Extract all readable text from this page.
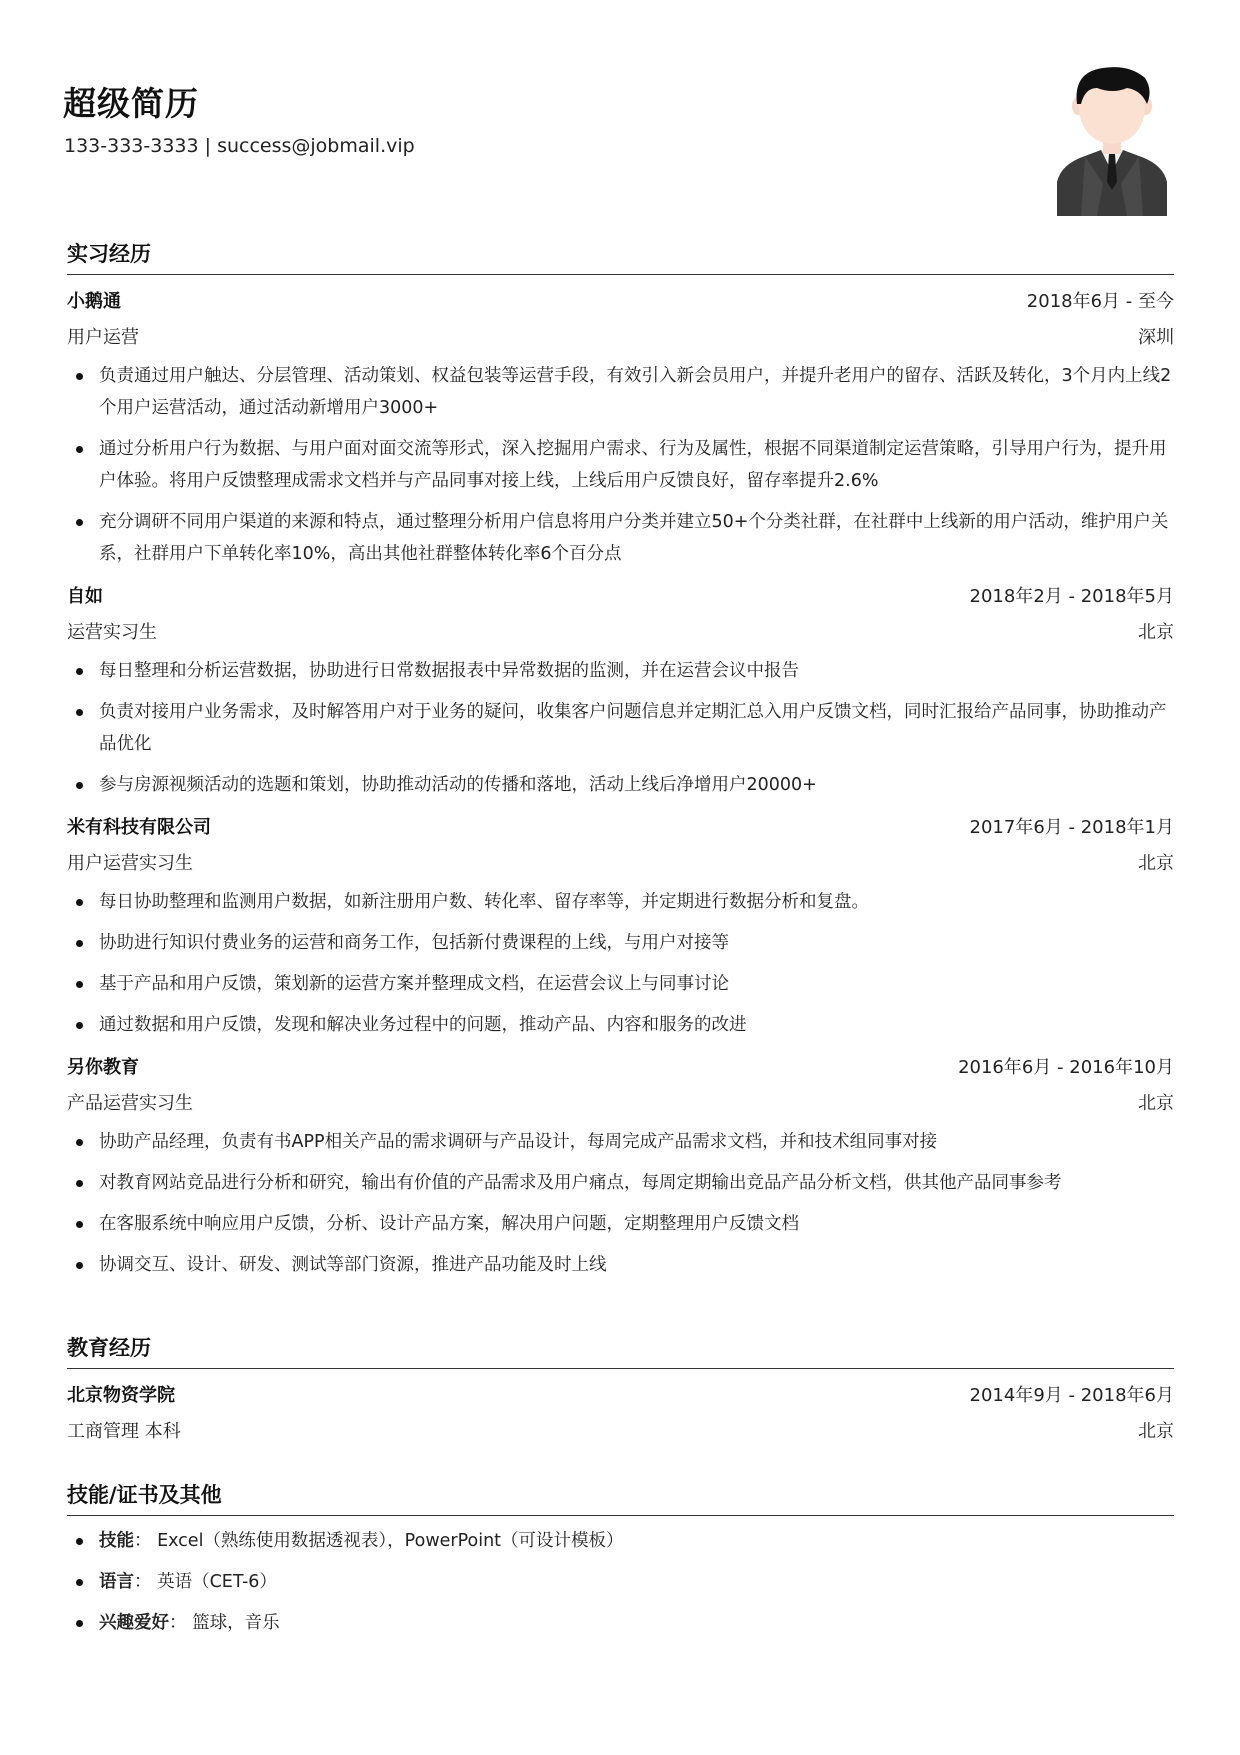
超级简历
133-333-3333 | success@jobmail.vip
实习经历
小鹅通	2018年6月 - 至今
用户运营	深圳
负责通过用户触达、分层管理、活动策划、权益包装等运营手段，有效引入新会员用户，并提升老用户的留存、活跃及转化，3个月内上线2个用户运营活动，通过活动新增用户3000+
通过分析用户行为数据、与用户面对面交流等形式，深入挖掘用户需求、行为及属性，根据不同渠道制定运营策略，引导用户行为，提升用户体验。将用户反馈整理成需求文档并与产品同事对接上线，上线后用户反馈良好，留存率提升2.6%
充分调研不同用户渠道的来源和特点，通过整理分析用户信息将用户分类并建立50+个分类社群，在社群中上线新的用户活动，维护用户关系，社群用户下单转化率10%，高出其他社群整体转化率6个百分点
自如	2018年2月 - 2018年5月
运营实习生	北京
每日整理和分析运营数据，协助进行日常数据报表中异常数据的监测，并在运营会议中报告
负责对接用户业务需求，及时解答用户对于业务的疑问，收集客户问题信息并定期汇总入用户反馈文档，同时汇报给产品同事，协助推动产品优化
参与房源视频活动的选题和策划，协助推动活动的传播和落地，活动上线后净增用户20000+
米有科技有限公司	2017年6月 - 2018年1月
用户运营实习生	北京
每日协助整理和监测用户数据，如新注册用户数、转化率、留存率等，并定期进行数据分析和复盘。
协助进行知识付费业务的运营和商务工作，包括新付费课程的上线，与用户对接等
基于产品和用户反馈，策划新的运营方案并整理成文档，在运营会议上与同事讨论
通过数据和用户反馈，发现和解决业务过程中的问题，推动产品、内容和服务的改进
另你教育	2016年6月 - 2016年10月
产品运营实习生	北京
协助产品经理，负责有书APP相关产品的需求调研与产品设计，每周完成产品需求文档，并和技术组同事对接
对教育网站竞品进行分析和研究，输出有价值的产品需求及用户痛点，每周定期输出竞品产品分析文档，供其他产品同事参考
在客服系统中响应用户反馈，分析、设计产品方案，解决用户问题，定期整理用户反馈文档
协调交互、设计、研发、测试等部门资源，推进产品功能及时上线
教育经历
北京物资学院	2014年9月 - 2018年6月
工商管理 本科	北京
技能/证书及其他
技能： Excel（熟练使用数据透视表），PowerPoint（可设计模板）
语言： 英语（CET-6）
兴趣爱好： 篮球，音乐
